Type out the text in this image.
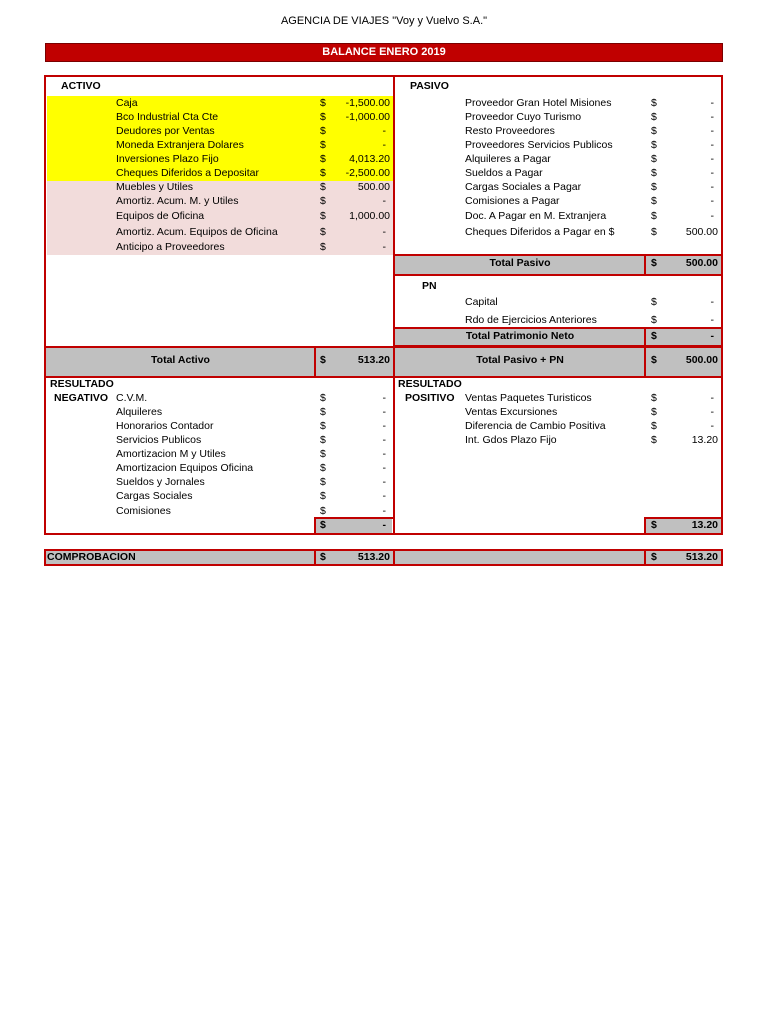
AGENCIA DE VIAJES "Voy y Vuelvo S.A."
BALANCE ENERO 2019
ACTIVO
Caja	$	-1,500.00
Bco Industrial Cta Cte	$	-1,000.00
Deudores por Ventas	$	-
Moneda Extranjera Dolares	$	-
Inversiones Plazo Fijo	$	4,013.20
Cheques Diferidos a Depositar	$	-2,500.00
Muebles y Utiles	$	500.00
Amortiz. Acum. M. y Utiles	$	-
Equipos de Oficina	$	1,000.00
Amortiz. Acum. Equipos de Oficina	$	-
Anticipo a Proveedores	$	-
PASIVO
Proveedor Gran Hotel Misiones	$	-
Proveedor Cuyo Turismo	$	-
Resto Proveedores	$	-
Proveedores Servicios Publicos	$	-
Alquileres a Pagar	$	-
Sueldos a Pagar	$	-
Cargas Sociales a Pagar	$	-
Comisiones a Pagar	$	-
Doc. A Pagar en M. Extranjera	$	-
Cheques Diferidos a Pagar en $	$	500.00
Total Pasivo	$	500.00
PN
Capital	$	-
Rdo de Ejercicios Anteriores	$	-
Total Patrimonio Neto	$	-
Total Activo	$	513.20	Total Pasivo + PN	$	500.00
RESULTADO
NEGATIVO C.V.M.	$	-
Alquileres	$	-
Honorarios Contador	$	-
Servicios Publicos	$	-
Amortizacion M y Utiles	$	-
Amortizacion Equipos Oficina	$	-
Sueldos y Jornales	$	-
Cargas Sociales	$	-
Comisiones	$	-
$	-
RESULTADO
POSITIVO Ventas Paquetes Turisticos	$	-
Ventas Excursiones	$	-
Diferencia de Cambio Positiva	$	-
Int. Gdos Plazo Fijo	$	13.20
$	13.20
COMPROBACION	$	513.20	$	513.20
